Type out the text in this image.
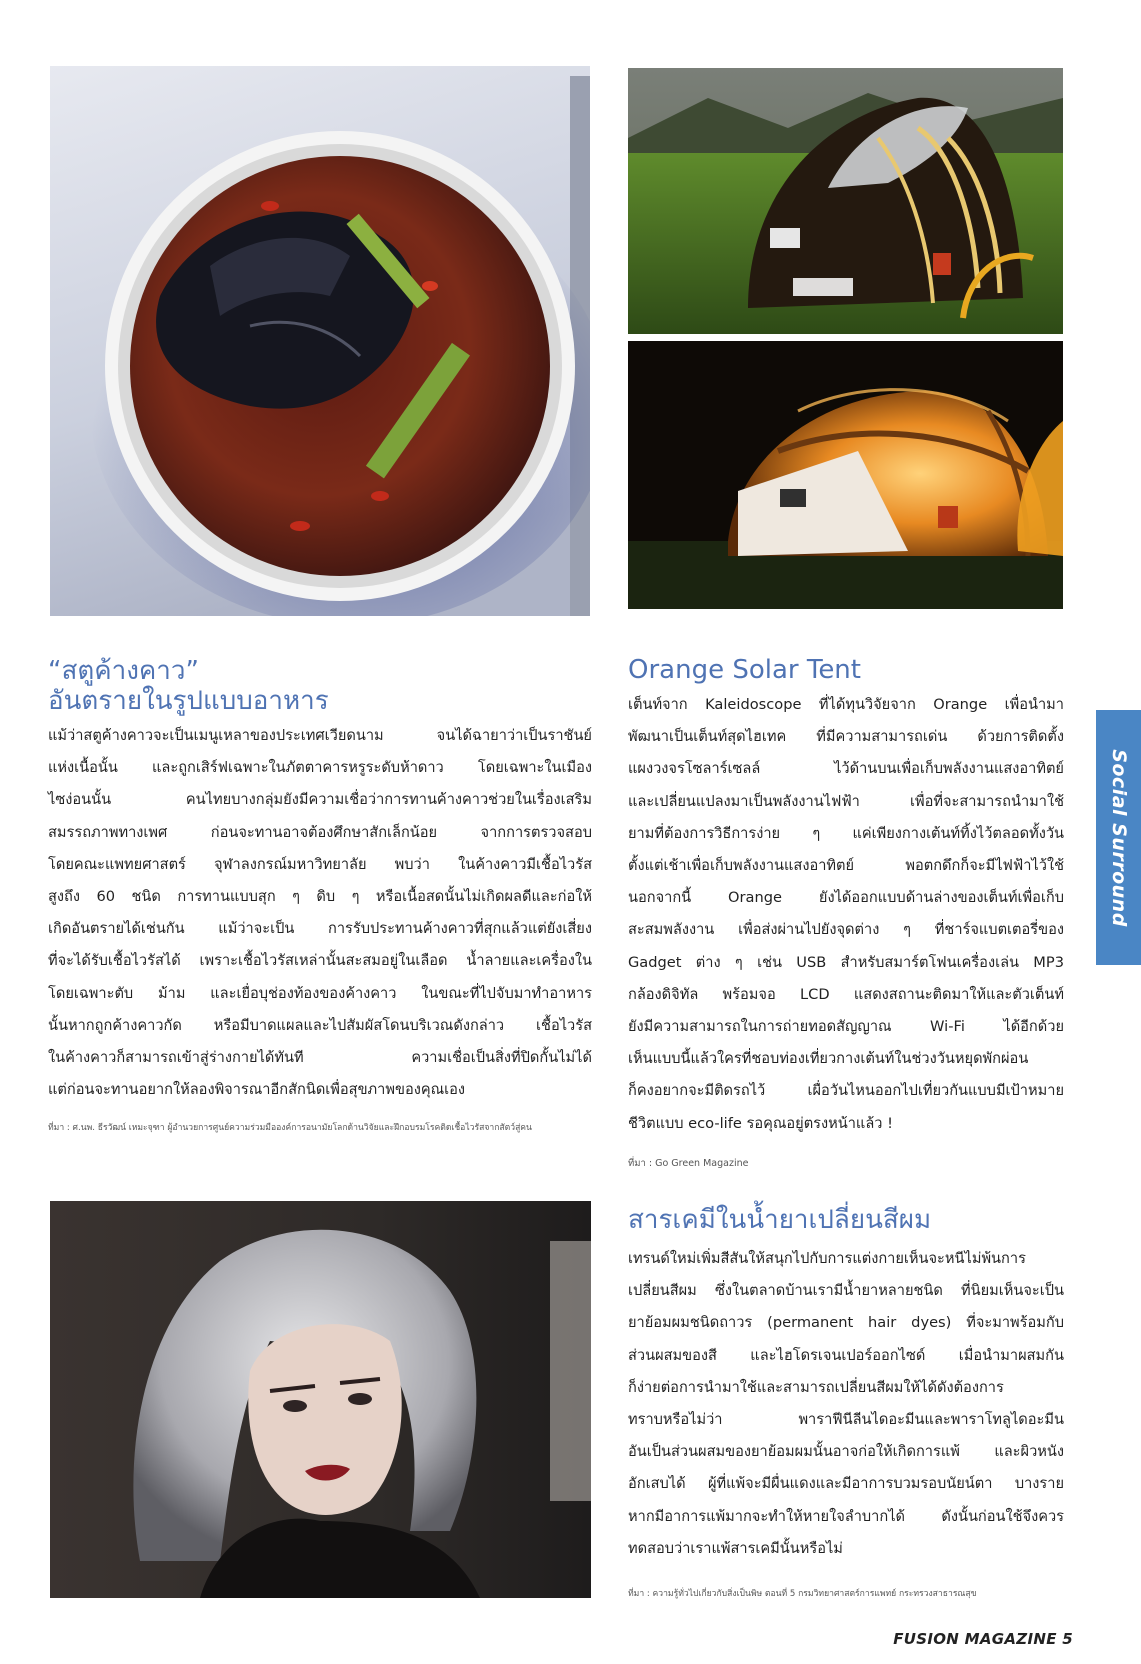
“สตูค้างคาว”
อันตรายในรูปแบบอาหาร

แม้ว่าสตูค้างคาวจะเป็นเมนูเหลาของประเทศเวียดนาม จนได้ฉายาว่าเป็นราชันย์

แห่งเนื้อนั้น และถูกเสิร์ฟเฉพาะในภัตตาคารหรูระดับห้าดาว โดยเฉพาะในเมือง

ไซง่อนนั้น คนไทยบางกลุ่มยังมีความเชื่อว่าการทานค้างคาวช่วยในเรื่องเสริม

สมรรถภาพทางเพศ ก่อนจะทานอาจต้องศึกษาสักเล็กน้อย จากการตรวจสอบ

โดยคณะแพทยศาสตร์ จุฬาลงกรณ์มหาวิทยาลัย พบว่า ในค้างคาวมีเชื้อไวรัส

สูงถึง 60 ชนิด การทานแบบสุก ๆ ดิบ ๆ หรือเนื้อสดนั้นไม่เกิดผลดีและก่อให้

เกิดอันตรายได้เช่นกัน แม้ว่าจะเป็น การรับประทานค้างคาวที่สุกแล้วแต่ยังเสี่ยง

ที่จะได้รับเชื้อไวรัสได้ เพราะเชื้อไวรัสเหล่านั้นสะสมอยู่ในเลือด น้ำลายและเครื่องใน

โดยเฉพาะตับ ม้าม และเยื่อบุช่องท้องของค้างคาว ในขณะที่ไปจับมาทำอาหาร

นั้นหากถูกค้างคาวกัด หรือมีบาดแผลและไปสัมผัสโดนบริเวณดังกล่าว เชื้อไวรัส

ในค้างคาวก็สามารถเข้าสู่ร่างกายได้ทันที ความเชื่อเป็นสิ่งที่ปิดกั้นไม่ได้

แต่ก่อนจะทานอยากให้ลองพิจารณาอีกสักนิดเพื่อสุขภาพของคุณเอง

ที่มา : ศ.นพ. ธีรวัฒน์ เหมะจุฑา ผู้อำนวยการศูนย์ความร่วมมือองค์การอนามัยโลกด้านวิจัยและฝึกอบรมโรคติดเชื้อไวรัสจากสัตว์สู่คน
Orange Solar Tent

เต็นท์จาก Kaleidoscope ที่ได้ทุนวิจัยจาก Orange เพื่อนำมา

พัฒนาเป็นเต็นท์สุดไฮเทค ที่มีความสามารถเด่น ด้วยการติดตั้ง

แผงวงจรโซลาร์เซลล์ ไว้ด้านบนเพื่อเก็บพลังงานแสงอาทิตย์

และเปลี่ยนแปลงมาเป็นพลังงานไฟฟ้า เพื่อที่จะสามารถนำมาใช้

ยามที่ต้องการวิธีการง่าย ๆ แค่เพียงกางเต้นท์ทิ้งไว้ตลอดทั้งวัน

ตั้งแต่เช้าเพื่อเก็บพลังงานแสงอาทิตย์ พอตกดึกก็จะมีไฟฟ้าไว้ใช้

นอกจากนี้ Orange ยังได้ออกแบบด้านล่างของเต็นท์เพื่อเก็บ

สะสมพลังงาน เพื่อส่งผ่านไปยังจุดต่าง ๆ ที่ชาร์จแบตเตอรี่ของ

Gadget ต่าง ๆ เช่น USB สำหรับสมาร์ตโฟนเครื่องเล่น MP3

กล้องดิจิทัล พร้อมจอ LCD แสดงสถานะติดมาให้และตัวเต็นท์

ยังมีความสามารถในการถ่ายทอดสัญญาณ Wi-Fi ได้อีกด้วย

เห็นแบบนี้แล้วใครที่ชอบท่องเที่ยวกางเต้นท์ในช่วงวันหยุดพักผ่อน

ก็คงอยากจะมีติดรถไว้ เผื่อวันไหนออกไปเที่ยวกันแบบมีเป้าหมาย

ชีวิตแบบ eco-life รอคุณอยู่ตรงหน้าแล้ว !

ที่มา : Go Green Magazine
สารเคมีในน้ำยาเปลี่ยนสีผม

เทรนด์ใหม่เพิ่มสีสันให้สนุกไปกับการแต่งกายเห็นจะหนีไม่พ้นการ

เปลี่ยนสีผม ซึ่งในตลาดบ้านเรามีน้ำยาหลายชนิด ที่นิยมเห็นจะเป็น

ยาย้อมผมชนิดถาวร (permanent hair dyes) ที่จะมาพร้อมกับ

ส่วนผสมของสี และไฮโดรเจนเปอร์ออกไซด์ เมื่อนำมาผสมกัน

ก็ง่ายต่อการนำมาใช้และสามารถเปลี่ยนสีผมให้ได้ดังต้องการ

ทราบหรือไม่ว่า พาราฟีนีลีนไดอะมีนและพาราโทลูไดอะมีน

อันเป็นส่วนผสมของยาย้อมผมนั้นอาจก่อให้เกิดการแพ้ และผิวหนัง

อักเสบได้ ผู้ที่แพ้จะมีผื่นแดงและมีอาการบวมรอบนัยน์ตา บางราย

หากมีอาการแพ้มากจะทำให้หายใจลำบากได้ ดังนั้นก่อนใช้จึงควร

ทดสอบว่าเราแพ้สารเคมีนั้นหรือไม่

ที่มา : ความรู้ทั่วไปเกี่ยวกับสิ่งเป็นพิษ ตอนที่ 5 กรมวิทยาศาสตร์การแพทย์ กระทรวงสาธารณสุข
Social Surround
FUSION MAGAZINE 5
